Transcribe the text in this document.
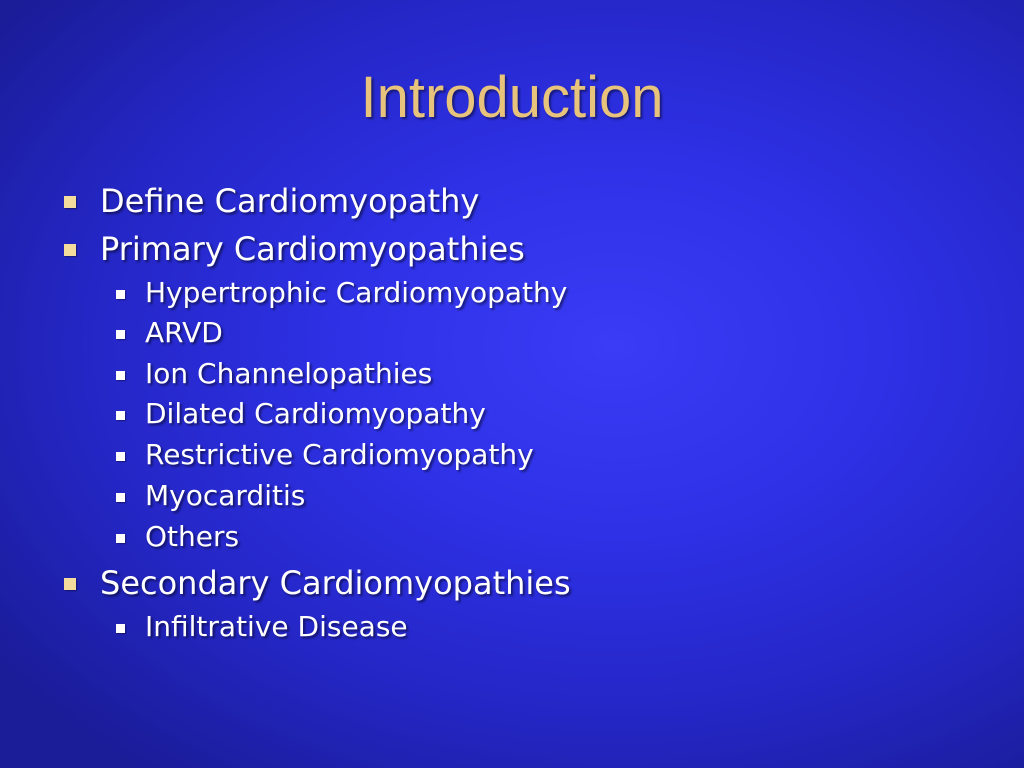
Introduction
Define Cardiomyopathy
Primary Cardiomyopathies
Hypertrophic Cardiomyopathy
ARVD
Ion Channelopathies
Dilated Cardiomyopathy
Restrictive Cardiomyopathy
Myocarditis
Others
Secondary Cardiomyopathies
Infiltrative Disease
